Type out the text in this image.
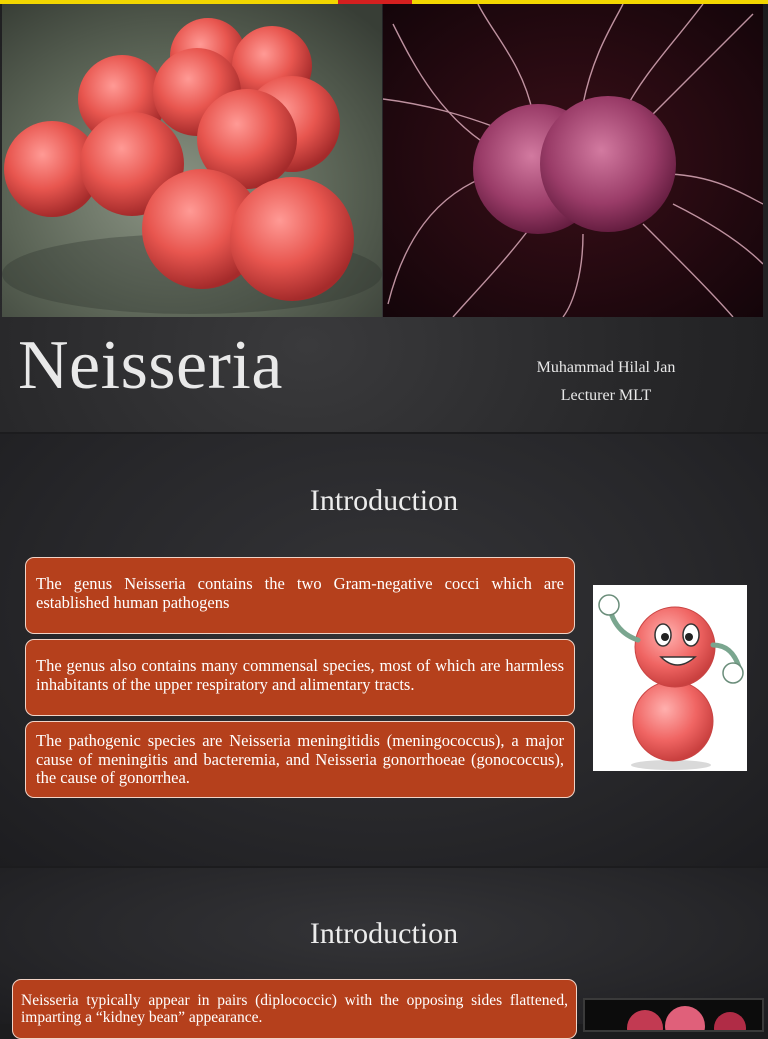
Neisseria	Muhammad Hilal Jan
Lecturer MLT
Introduction
The genus Neisseria contains the two Gram-negative cocci which are established human pathogens
The genus also contains many commensal species, most of which are harmless inhabitants of the upper respiratory and alimentary tracts.
The pathogenic species are Neisseria meningitidis (meningococcus), a major cause of meningitis and bacteremia, and Neisseria gonorrhoeae (gonococcus), the cause of gonorrhea.
Introduction
Neisseria typically appear in pairs (diplococcic) with the opposing sides flattened, imparting a “kidney bean” appearance.
